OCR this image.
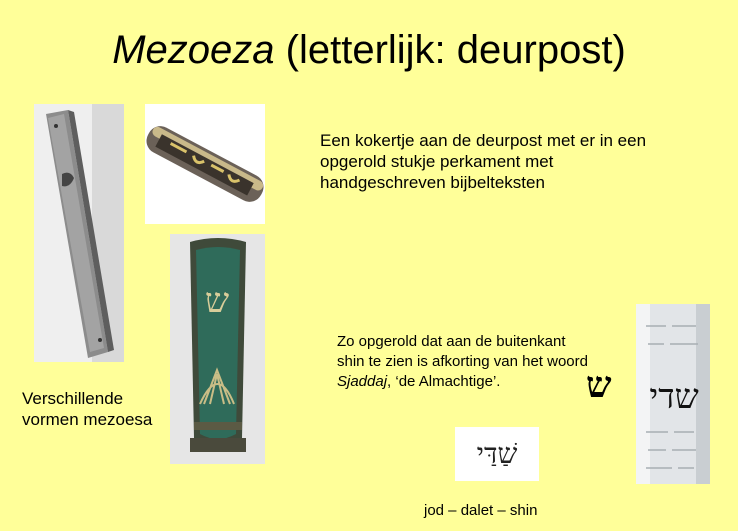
Mezoeza (letterlijk: deurpost)
ש
שַׁדַּי
ש שדי
Een kokertje aan de deurpost met er in een opgerold stukje perkament met handgeschreven bijbelteksten
Zo opgerold dat aan de buitenkant shin te zien is afkorting van het woord Sjaddaj, ‘de Almachtige’.
Verschillende vormen mezoesa
jod – dalet – shin
